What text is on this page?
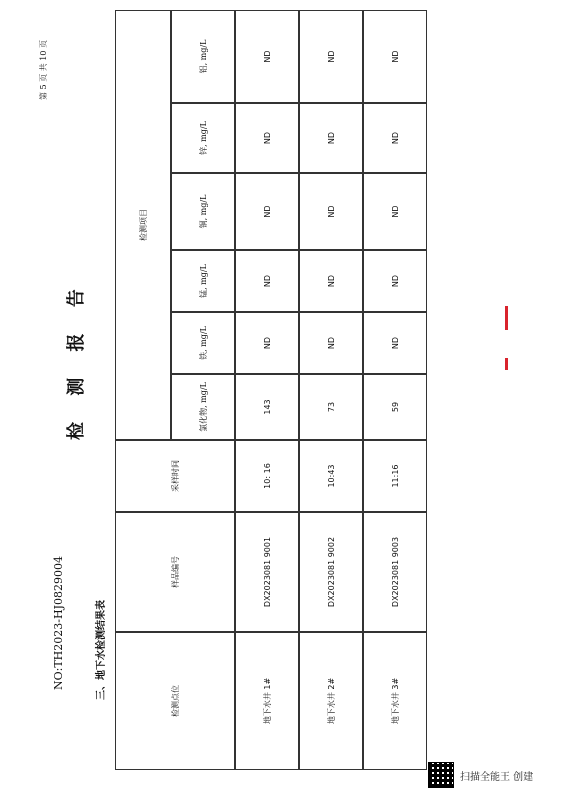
第 5 页 共 10 页
NO:TH2023-HJ0829004
检 测 报 告
三、地下水检测结果表
检测点位
样品编号
采样时间
检测项目
氯化物, mg/L
铁, mg/L
锰, mg/L
铜, mg/L
锌, mg/L
铝, mg/L
地下水井 1#
DX2023081 9001
10: 16
143
ND
ND
ND
ND
ND
地下水井 2#
DX2023081 9002
10:43
73
ND
ND
ND
ND
ND
地下水井 3#
DX2023081 9003
11:16
59
ND
ND
ND
ND
ND
扫描全能王 创建
